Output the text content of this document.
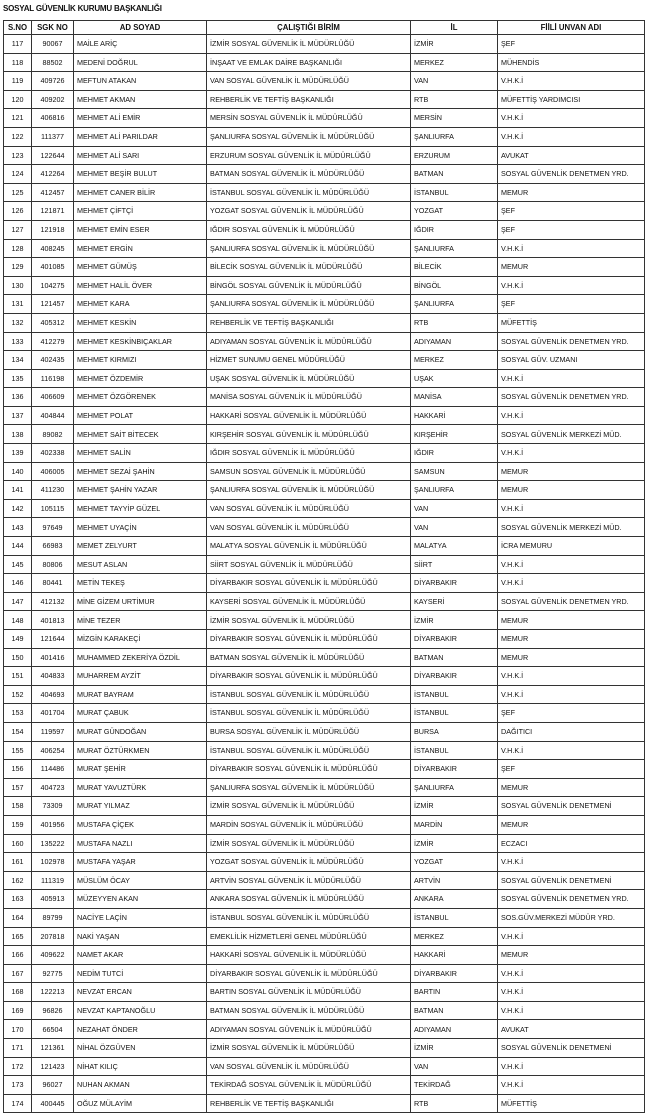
SOSYAL GÜVENLİK KURUMU BAŞKANLIĞI
S.NO	SGK NO	AD SOYAD	ÇALIŞTIĞI BİRİM	İL	FİİLİ UNVAN ADI
117	90067	MAİLE ARİÇ	İZMİR SOSYAL GÜVENLİK İL MÜDÜRLÜĞÜ	İZMİR	ŞEF
118	88502	MEDENİ DOĞRUL	İNŞAAT VE EMLAK DAİRE BAŞKANLIĞI	MERKEZ	MÜHENDİS
119	409726	MEFTUN ATAKAN	VAN SOSYAL GÜVENLİK İL MÜDÜRLÜĞÜ	VAN	V.H.K.İ
120	409202	MEHMET AKMAN	REHBERLİK VE TEFTİŞ BAŞKANLIĞI	RTB	MÜFETTİŞ YARDIMCISI
121	406816	MEHMET ALİ EMİR	MERSİN SOSYAL GÜVENLİK İL MÜDÜRLÜĞÜ	MERSİN	V.H.K.İ
122	111377	MEHMET ALİ PARILDAR	ŞANLIURFA SOSYAL GÜVENLİK İL MÜDÜRLÜĞÜ	ŞANLIURFA	V.H.K.İ
123	122644	MEHMET ALİ SARI	ERZURUM SOSYAL GÜVENLİK İL MÜDÜRLÜĞÜ	ERZURUM	AVUKAT
124	412264	MEHMET BEŞİR BULUT	BATMAN SOSYAL GÜVENLİK İL MÜDÜRLÜĞÜ	BATMAN	SOSYAL GÜVENLİK DENETMEN YRD.
125	412457	MEHMET CANER BİLİR	İSTANBUL SOSYAL GÜVENLİK İL MÜDÜRLÜĞÜ	İSTANBUL	MEMUR
126	121871	MEHMET ÇİFTÇİ	YOZGAT SOSYAL GÜVENLİK İL MÜDÜRLÜĞÜ	YOZGAT	ŞEF
127	121918	MEHMET EMİN ESER	IĞDIR SOSYAL GÜVENLİK İL MÜDÜRLÜĞÜ	IĞDIR	ŞEF
128	408245	MEHMET ERGİN	ŞANLIURFA SOSYAL GÜVENLİK İL MÜDÜRLÜĞÜ	ŞANLIURFA	V.H.K.İ
129	401085	MEHMET GÜMÜŞ	BİLECİK SOSYAL GÜVENLİK İL MÜDÜRLÜĞÜ	BİLECİK	MEMUR
130	104275	MEHMET HALİL ÖVER	BİNGÖL SOSYAL GÜVENLİK İL MÜDÜRLÜĞÜ	BİNGÖL	V.H.K.İ
131	121457	MEHMET KARA	ŞANLIURFA SOSYAL GÜVENLİK İL MÜDÜRLÜĞÜ	ŞANLIURFA	ŞEF
132	405312	MEHMET KESKİN	REHBERLİK VE TEFTİŞ BAŞKANLIĞI	RTB	MÜFETTİŞ
133	412279	MEHMET KESKİNBIÇAKLAR	ADIYAMAN SOSYAL GÜVENLİK İL MÜDÜRLÜĞÜ	ADIYAMAN	SOSYAL GÜVENLİK DENETMEN YRD.
134	402435	MEHMET KIRMIZI	HİZMET SUNUMU GENEL MÜDÜRLÜĞÜ	MERKEZ	SOSYAL GÜV. UZMANI
135	116198	MEHMET ÖZDEMİR	UŞAK SOSYAL GÜVENLİK İL MÜDÜRLÜĞÜ	UŞAK	V.H.K.İ
136	406609	MEHMET ÖZGÖRENEK	MANİSA SOSYAL GÜVENLİK İL MÜDÜRLÜĞÜ	MANİSA	SOSYAL GÜVENLİK DENETMEN YRD.
137	404844	MEHMET POLAT	HAKKARİ SOSYAL GÜVENLİK İL MÜDÜRLÜĞÜ	HAKKARİ	V.H.K.İ
138	89082	MEHMET SAİT BİTECEK	KIRŞEHİR SOSYAL GÜVENLİK İL MÜDÜRLÜĞÜ	KIRŞEHİR	SOSYAL GÜVENLİK MERKEZİ MÜD.
139	402338	MEHMET SALİN	IĞDIR SOSYAL GÜVENLİK İL MÜDÜRLÜĞÜ	IĞDIR	V.H.K.İ
140	406005	MEHMET SEZAİ ŞAHİN	SAMSUN SOSYAL GÜVENLİK İL MÜDÜRLÜĞÜ	SAMSUN	MEMUR
141	411230	MEHMET ŞAHİN YAZAR	ŞANLIURFA SOSYAL GÜVENLİK İL MÜDÜRLÜĞÜ	ŞANLIURFA	MEMUR
142	105115	MEHMET TAYYİP GÜZEL	VAN SOSYAL GÜVENLİK İL MÜDÜRLÜĞÜ	VAN	V.H.K.İ
143	97649	MEHMET UYAÇİN	VAN SOSYAL GÜVENLİK İL MÜDÜRLÜĞÜ	VAN	SOSYAL GÜVENLİK MERKEZİ MÜD.
144	66983	MEMET ZELYURT	MALATYA SOSYAL GÜVENLİK İL MÜDÜRLÜĞÜ	MALATYA	İCRA MEMURU
145	80806	MESUT ASLAN	SİİRT SOSYAL GÜVENLİK İL MÜDÜRLÜĞÜ	SİİRT	V.H.K.İ
146	80441	METİN TEKEŞ	DİYARBAKIR SOSYAL GÜVENLİK İL MÜDÜRLÜĞÜ	DİYARBAKIR	V.H.K.İ
147	412132	MİNE GİZEM URTİMUR	KAYSERİ SOSYAL GÜVENLİK İL MÜDÜRLÜĞÜ	KAYSERİ	SOSYAL GÜVENLİK DENETMEN YRD.
148	401813	MİNE TEZER	İZMİR SOSYAL GÜVENLİK İL MÜDÜRLÜĞÜ	İZMİR	MEMUR
149	121644	MİZGİN KARAKEÇİ	DİYARBAKIR SOSYAL GÜVENLİK İL MÜDÜRLÜĞÜ	DİYARBAKIR	MEMUR
150	401416	MUHAMMED ZEKERİYA ÖZDİL	BATMAN SOSYAL GÜVENLİK İL MÜDÜRLÜĞÜ	BATMAN	MEMUR
151	404833	MUHARREM AYZİT	DİYARBAKIR SOSYAL GÜVENLİK İL MÜDÜRLÜĞÜ	DİYARBAKIR	V.H.K.İ
152	404693	MURAT BAYRAM	İSTANBUL SOSYAL GÜVENLİK İL MÜDÜRLÜĞÜ	İSTANBUL	V.H.K.İ
153	401704	MURAT ÇABUK	İSTANBUL SOSYAL GÜVENLİK İL MÜDÜRLÜĞÜ	İSTANBUL	ŞEF
154	119597	MURAT GÜNDOĞAN	BURSA SOSYAL GÜVENLİK İL MÜDÜRLÜĞÜ	BURSA	DAĞITICI
155	406254	MURAT ÖZTÜRKMEN	İSTANBUL SOSYAL GÜVENLİK İL MÜDÜRLÜĞÜ	İSTANBUL	V.H.K.İ
156	114486	MURAT ŞEHİR	DİYARBAKIR SOSYAL GÜVENLİK İL MÜDÜRLÜĞÜ	DİYARBAKIR	ŞEF
157	404723	MURAT YAVUZTÜRK	ŞANLIURFA SOSYAL GÜVENLİK İL MÜDÜRLÜĞÜ	ŞANLIURFA	MEMUR
158	73309	MURAT YILMAZ	İZMİR SOSYAL GÜVENLİK İL MÜDÜRLÜĞÜ	İZMİR	SOSYAL GÜVENLİK DENETMENİ
159	401956	MUSTAFA ÇİÇEK	MARDİN SOSYAL GÜVENLİK İL MÜDÜRLÜĞÜ	MARDİN	MEMUR
160	135222	MUSTAFA NAZLI	İZMİR SOSYAL GÜVENLİK İL MÜDÜRLÜĞÜ	İZMİR	ECZACI
161	102978	MUSTAFA YAŞAR	YOZGAT SOSYAL GÜVENLİK İL MÜDÜRLÜĞÜ	YOZGAT	V.H.K.İ
162	111319	MÜSLÜM ÖCAY	ARTVİN SOSYAL GÜVENLİK İL MÜDÜRLÜĞÜ	ARTVİN	SOSYAL GÜVENLİK DENETMENİ
163	405913	MÜZEYYEN AKAN	ANKARA SOSYAL GÜVENLİK İL MÜDÜRLÜĞÜ	ANKARA	SOSYAL GÜVENLİK DENETMEN YRD.
164	89799	NACİYE LAÇİN	İSTANBUL SOSYAL GÜVENLİK İL MÜDÜRLÜĞÜ	İSTANBUL	SOS.GÜV.MERKEZİ MÜDÜR YRD.
165	207818	NAKİ YAŞAN	EMEKLİLİK HİZMETLERİ GENEL MÜDÜRLÜĞÜ	MERKEZ	V.H.K.İ
166	409622	NAMET AKAR	HAKKARİ SOSYAL GÜVENLİK İL MÜDÜRLÜĞÜ	HAKKARİ	MEMUR
167	92775	NEDİM TUTCİ	DİYARBAKIR SOSYAL GÜVENLİK İL MÜDÜRLÜĞÜ	DİYARBAKIR	V.H.K.İ
168	122213	NEVZAT ERCAN	BARTIN SOSYAL GÜVENLİK İL MÜDÜRLÜĞÜ	BARTIN	V.H.K.İ
169	96826	NEVZAT KAPTANOĞLU	BATMAN SOSYAL GÜVENLİK İL MÜDÜRLÜĞÜ	BATMAN	V.H.K.İ
170	66504	NEZAHAT ÖNDER	ADIYAMAN SOSYAL GÜVENLİK İL MÜDÜRLÜĞÜ	ADIYAMAN	AVUKAT
171	121361	NİHAL ÖZGÜVEN	İZMİR SOSYAL GÜVENLİK İL MÜDÜRLÜĞÜ	İZMİR	SOSYAL GÜVENLİK DENETMENİ
172	121423	NİHAT KILIÇ	VAN SOSYAL GÜVENLİK İL MÜDÜRLÜĞÜ	VAN	V.H.K.İ
173	96027	NUHAN AKMAN	TEKİRDAĞ SOSYAL GÜVENLİK İL MÜDÜRLÜĞÜ	TEKİRDAĞ	V.H.K.İ
174	400445	OĞUZ MÜLAYİM	REHBERLİK VE TEFTİŞ BAŞKANLIĞI	RTB	MÜFETTİŞ
